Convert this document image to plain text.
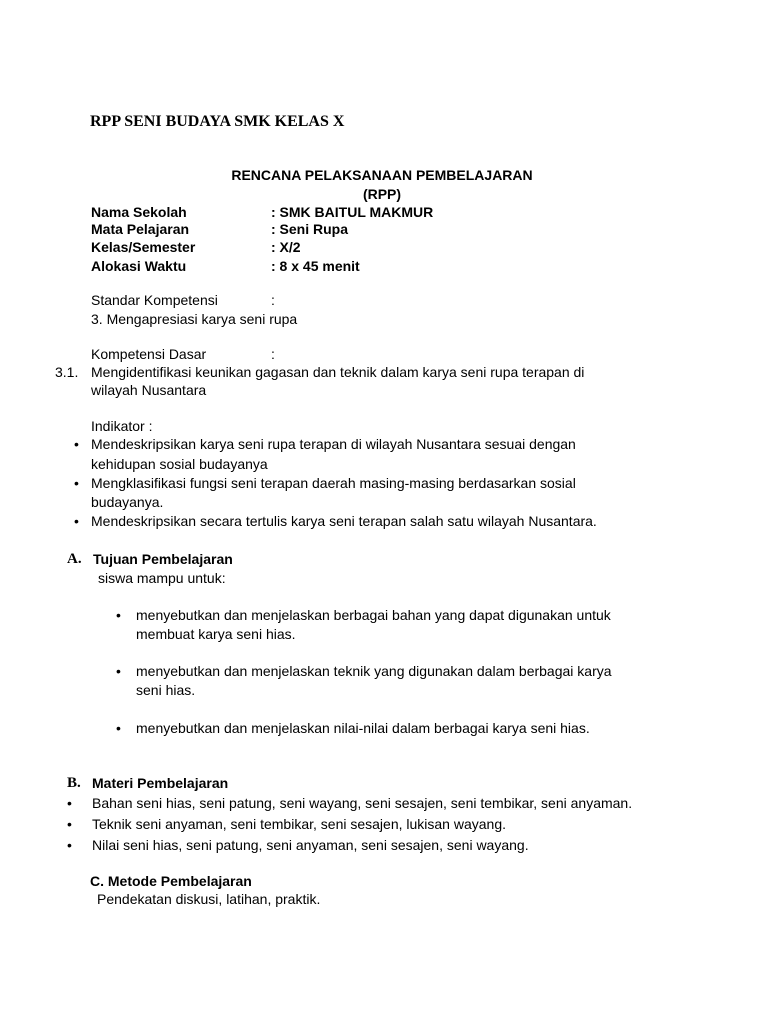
RPP SENI BUDAYA SMK KELAS X
RENCANA PELAKSANAAN PEMBELAJARAN
(RPP)
Nama Sekolah	: SMK BAITUL MAKMUR
Mata Pelajaran	: Seni Rupa
Kelas/Semester	: X/2
Alokasi Waktu	: 8 x 45 menit
Standar Kompetensi	:
3. Mengapresiasi karya seni rupa
Kompetensi Dasar	:
3.1. Mengidentifikasi keunikan gagasan dan teknik dalam karya seni rupa terapan di
wilayah Nusantara
Indikator :
• Mendeskripsikan karya seni rupa terapan di wilayah Nusantara sesuai dengan
kehidupan sosial budayanya
• Mengklasifikasi fungsi seni terapan daerah masing-masing berdasarkan sosial
budayanya.
• Mendeskripsikan secara tertulis karya seni terapan salah satu wilayah Nusantara.
A. Tujuan Pembelajaran
siswa mampu untuk:
• menyebutkan dan menjelaskan berbagai bahan yang dapat digunakan untuk
membuat karya seni hias.
• menyebutkan dan menjelaskan teknik yang digunakan dalam berbagai karya
seni hias.
• menyebutkan dan menjelaskan nilai-nilai dalam berbagai karya seni hias.
B. Materi Pembelajaran
• Bahan seni hias, seni patung, seni wayang, seni sesajen, seni tembikar, seni anyaman.
• Teknik seni anyaman, seni tembikar, seni sesajen, lukisan wayang.
• Nilai seni hias, seni patung, seni anyaman, seni sesajen, seni wayang.
C. Metode Pembelajaran
Pendekatan diskusi, latihan, praktik.
